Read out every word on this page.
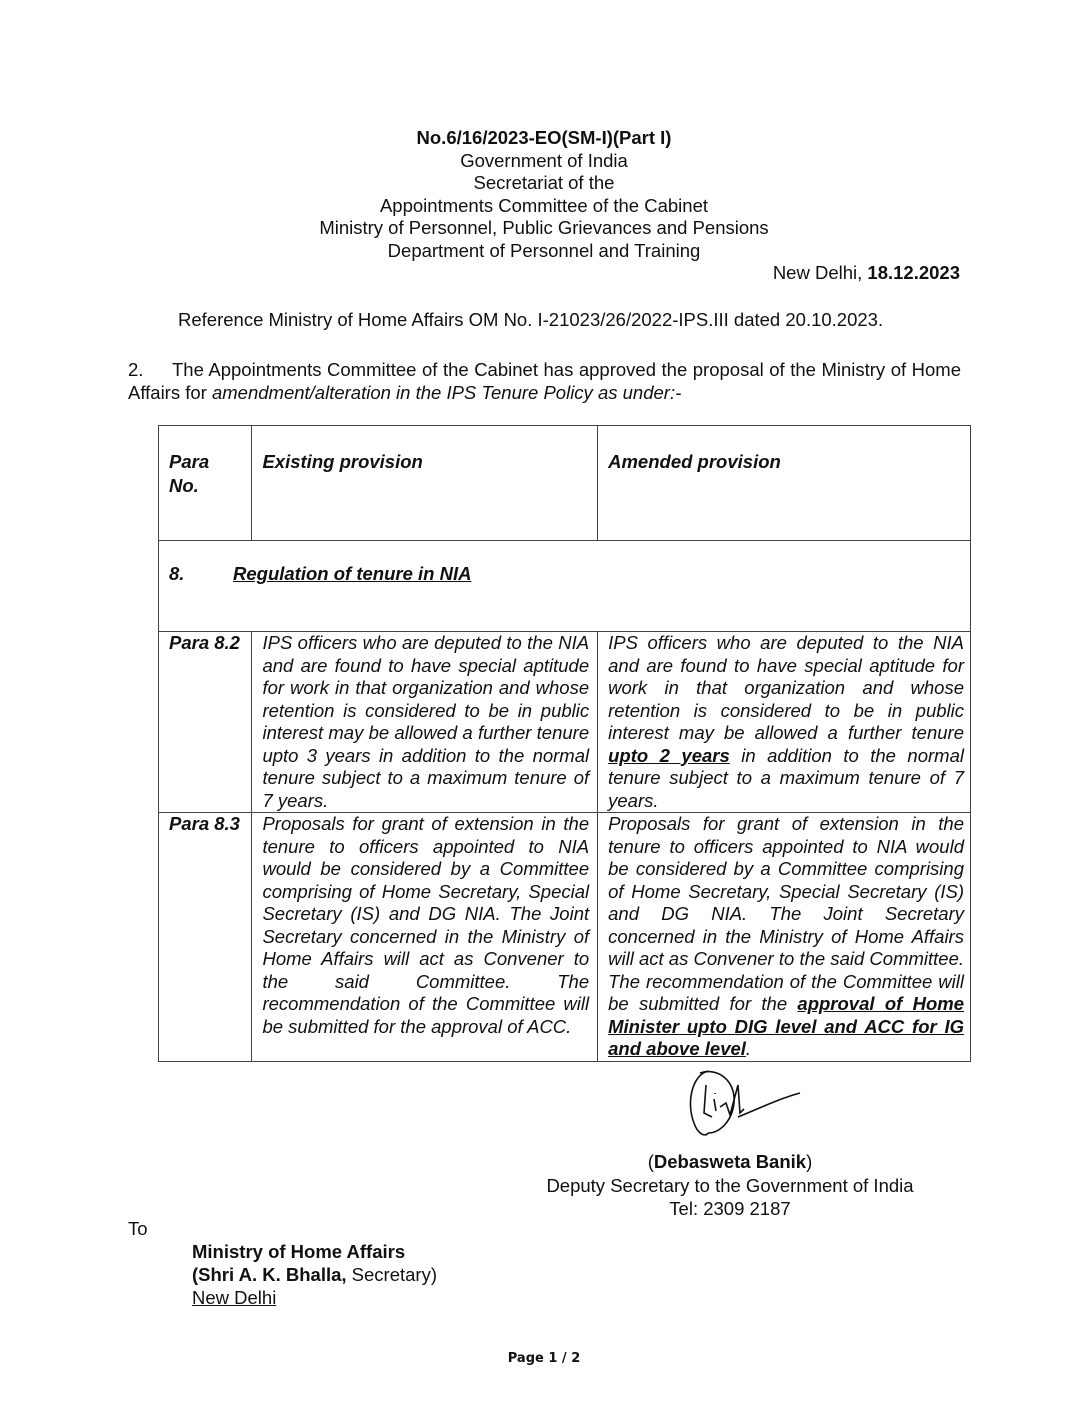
No.6/16/2023-EO(SM-I)(Part I)
Government of India
Secretariat of the
Appointments Committee of the Cabinet
Ministry of Personnel, Public Grievances and Pensions
Department of Personnel and Training
New Delhi, 18.12.2023
Reference Ministry of Home Affairs OM No. I-21023/26/2022-IPS.III dated 20.10.2023.
2. The Appointments Committee of the Cabinet has approved the proposal of the Ministry of Home Affairs for amendment/alteration in the IPS Tenure Policy as under:-
Para No.	Existing provision	Amended provision
8. Regulation of tenure in NIA		
Para 8.2	IPS officers who are deputed to the NIA and are found to have special aptitude for work in that organization and whose retention is considered to be in public interest may be allowed a further tenure upto 3 years in addition to the normal tenure subject to a maximum tenure of 7 years.	IPS officers who are deputed to the NIA and are found to have special aptitude for work in that organization and whose retention is considered to be in public interest may be allowed a further tenure upto 2 years in addition to the normal tenure subject to a maximum tenure of 7 years.
Para 8.3	Proposals for grant of extension in the tenure to officers appointed to NIA would be considered by a Committee comprising of Home Secretary, Special Secretary (IS) and DG NIA. The Joint Secretary concerned in the Ministry of Home Affairs will act as Convener to the said Committee. The recommendation of the Committee will be submitted for the approval of ACC.	Proposals for grant of extension in the tenure to officers appointed to NIA would be considered by a Committee comprising of Home Secretary, Special Secretary (IS) and DG NIA. The Joint Secretary concerned in the Ministry of Home Affairs will act as Convener to the said Committee. The recommendation of the Committee will be submitted for the approval of Home Minister upto DIG level and ACC for IG and above level.
(Debasweta Banik)
Deputy Secretary to the Government of India
Tel: 2309 2187
To
Ministry of Home Affairs
(Shri A. K. Bhalla, Secretary)
New Delhi
Page 1 / 2
